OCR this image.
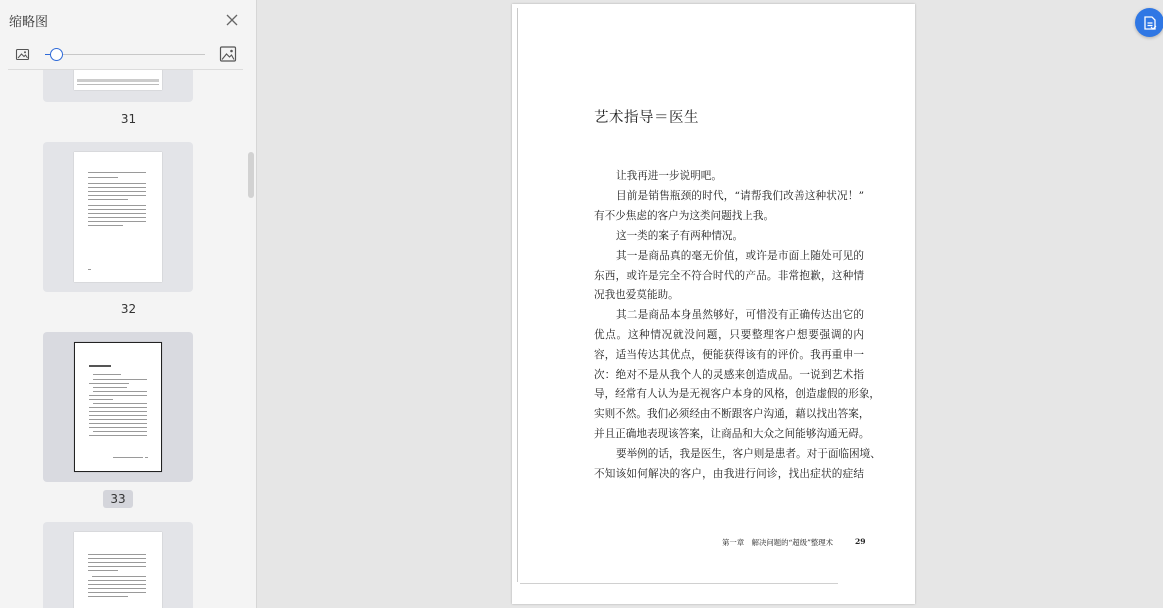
缩略图
31
32
33
艺术指导＝医生
让我再进一步说明吧。
目前是销售瓶颈的时代，“请帮我们改善这种状况！”
有不少焦虑的客户为这类问题找上我。
这一类的案子有两种情况。
其一是商品真的毫无价值，或许是市面上随处可见的
东西，或许是完全不符合时代的产品。非常抱歉，这种情
况我也爱莫能助。
其二是商品本身虽然够好，可惜没有正确传达出它的
优点。这种情况就没问题，只要整理客户想要强调的内
容，适当传达其优点，便能获得该有的评价。我再重申一
次：绝对不是从我个人的灵感来创造成品。一说到艺术指
导，经常有人认为是无视客户本身的风格，创造虚假的形象，
实则不然。我们必须经由不断跟客户沟通，藉以找出答案，
并且正确地表现该答案，让商品和大众之间能够沟通无碍。
要举例的话，我是医生，客户则是患者。对于面临困境、
不知该如何解决的客户，由我进行问诊，找出症状的症结
第一章　解决问题的“超级”整理术	29
